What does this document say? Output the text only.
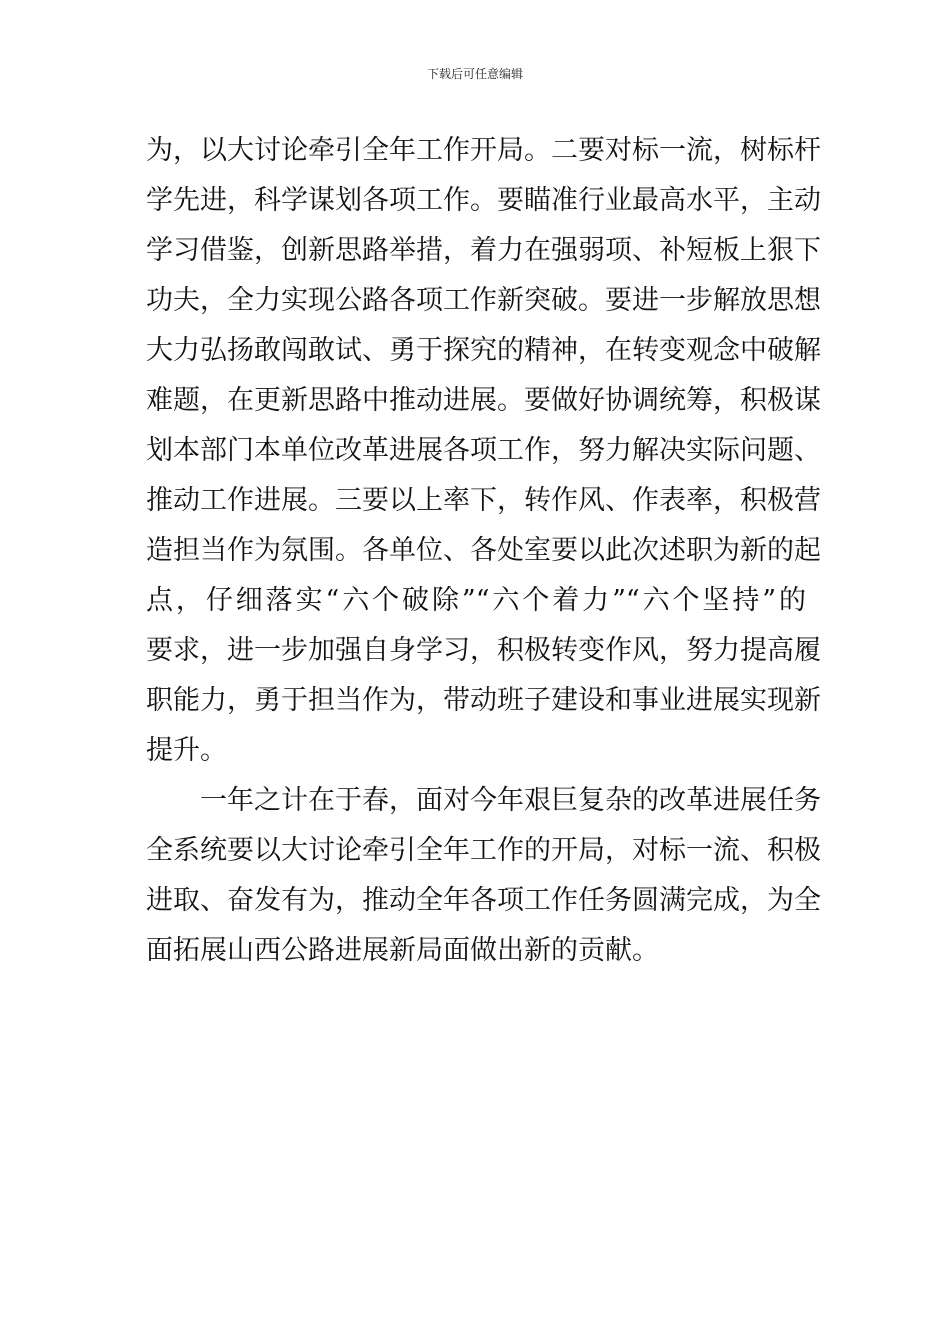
下载后可任意编辑
为，以大讨论牵引全年工作开局。二要对标一流，树标杆
学先进，科学谋划各项工作。要瞄准行业最高水平，主动
学习借鉴，创新思路举措，着力在强弱项、补短板上狠下
功夫，全力实现公路各项工作新突破。要进一步解放思想
大力弘扬敢闯敢试、勇于探究的精神，在转变观念中破解
难题，在更新思路中推动进展。要做好协调统筹，积极谋
划本部门本单位改革进展各项工作，努力解决实际问题、
推动工作进展。三要以上率下，转作风、作表率，积极营
造担当作为氛围。各单位、各处室要以此次述职为新的起
点，仔细落实“六个破除”“六个着力”“六个坚持”的
要求，进一步加强自身学习，积极转变作风，努力提高履
职能力，勇于担当作为，带动班子建设和事业进展实现新
提升。
一年之计在于春，面对今年艰巨复杂的改革进展任务
全系统要以大讨论牵引全年工作的开局，对标一流、积极
进取、奋发有为，推动全年各项工作任务圆满完成，为全
面拓展山西公路进展新局面做出新的贡献。
